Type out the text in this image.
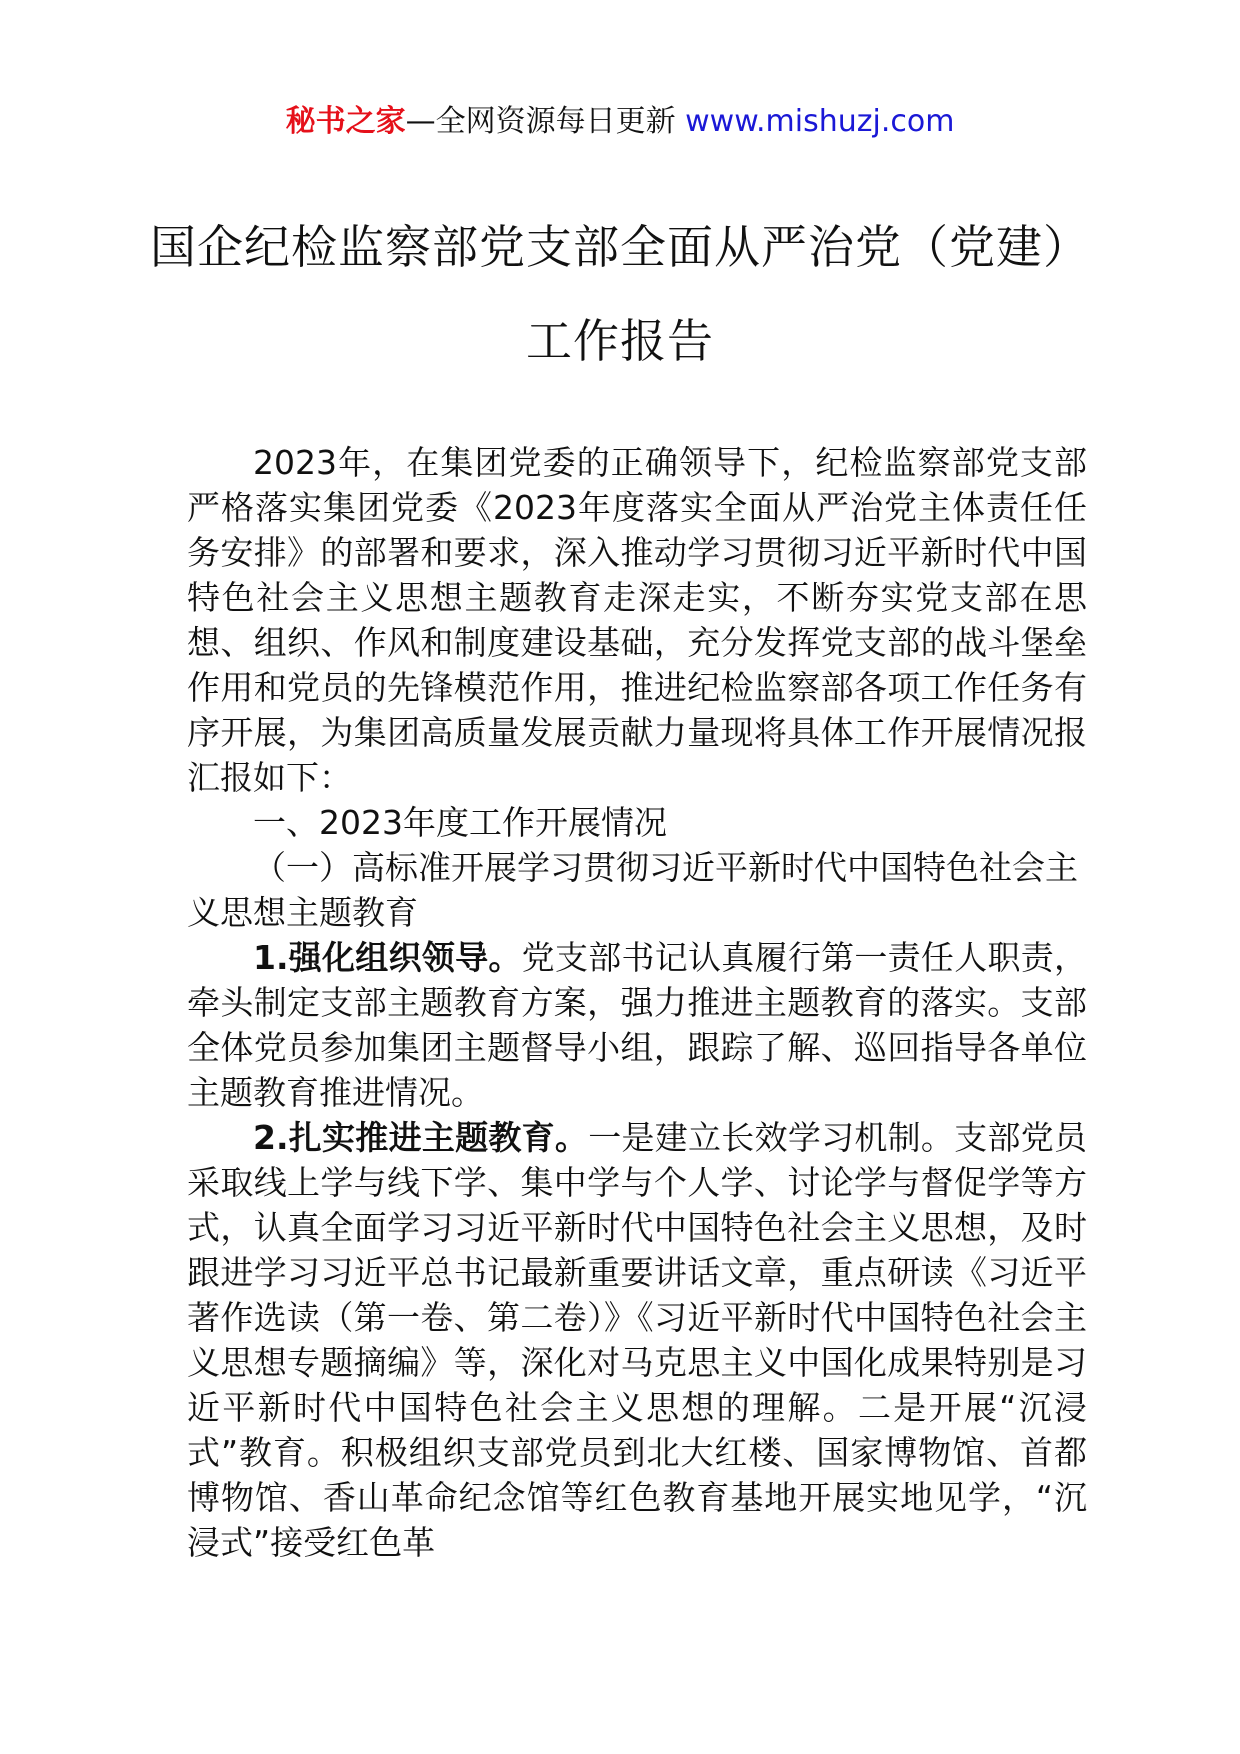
秘书之家—全网资源每日更新 www.mishuzj.com
国企纪检监察部党支部全面从严治党（党建）工作报告

2023年，在集团党委的正确领导下，纪检监察部党支部严格落实集团党委《2023年度落实全面从严治党主体责任任务安排》的部署和要求，深入推动学习贯彻习近平新时代中国特色社会主义思想主题教育走深走实，不断夯实党支部在思想、组织、作风和制度建设基础，充分发挥党支部的战斗堡垒作用和党员的先锋模范作用，推进纪检监察部各项工作任务有序开展，为集团高质量发展贡献力量现将具体工作开展情况报汇报如下：

一、2023年度工作开展情况

（一）高标准开展学习贯彻习近平新时代中国特色社会主义思想主题教育

1.强化组织领导。党支部书记认真履行第一责任人职责，牵头制定支部主题教育方案，强力推进主题教育的落实。支部全体党员参加集团主题督导小组，跟踪了解、巡回指导各单位主题教育推进情况。

2.扎实推进主题教育。一是建立长效学习机制。支部党员采取线上学与线下学、集中学与个人学、讨论学与督促学等方式，认真全面学习习近平新时代中国特色社会主义思想，及时跟进学习习近平总书记最新重要讲话文章，重点研读《习近平著作选读（第一卷、第二卷）》《习近平新时代中国特色社会主义思想专题摘编》等，深化对马克思主义中国化成果特别是习近平新时代中国特色社会主义思想的理解。二是开展“沉浸式”教育。积极组织支部党员到北大红楼、国家博物馆、首都博物馆、香山革命纪念馆等红色教育基地开展实地见学，“沉浸式”接受红色革
